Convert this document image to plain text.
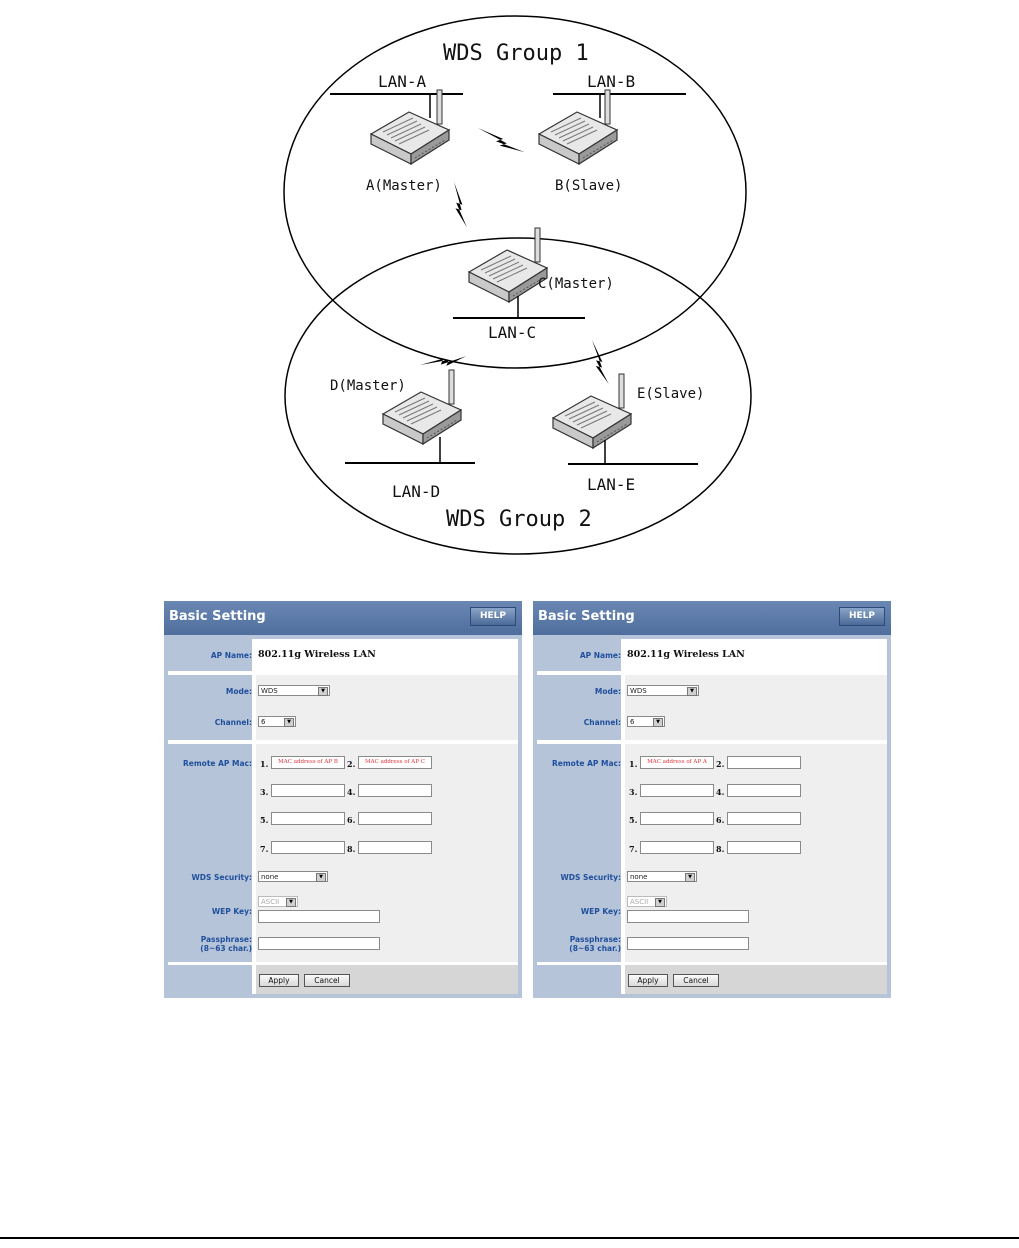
WDS Group 1
WDS Group 2
LAN-A
A(Master)
LAN-B
B(Slave)
C(Master)
LAN-C
D(Master)
LAN-D
E(Slave)
LAN-E
Basic Setting	HELP
AP Name: 802.11g Wireless LAN
Mode:	WDS	▼
Channel:	6	▼
Remote AP Mac: 1.	MAC address of AP B	2.	MAC address of AP C
3.	4.
5.	6.
7.	8.
WDS Security:	none	▼
WEP Key:
ASCII	▼
Passphrase:
(8~63 char.)
Apply	Cancel
Basic Setting	HELP
AP Name: 802.11g Wireless LAN
Mode:	WDS	▼
Channel:	6	▼
Remote AP Mac: 1.	MAC address of AP A	2.
3.	4.
5.	6.
7.	8.
WDS Security:	none	▼
WEP Key:
ASCII	▼
Passphrase:
(8~63 char.)
Apply	Cancel
